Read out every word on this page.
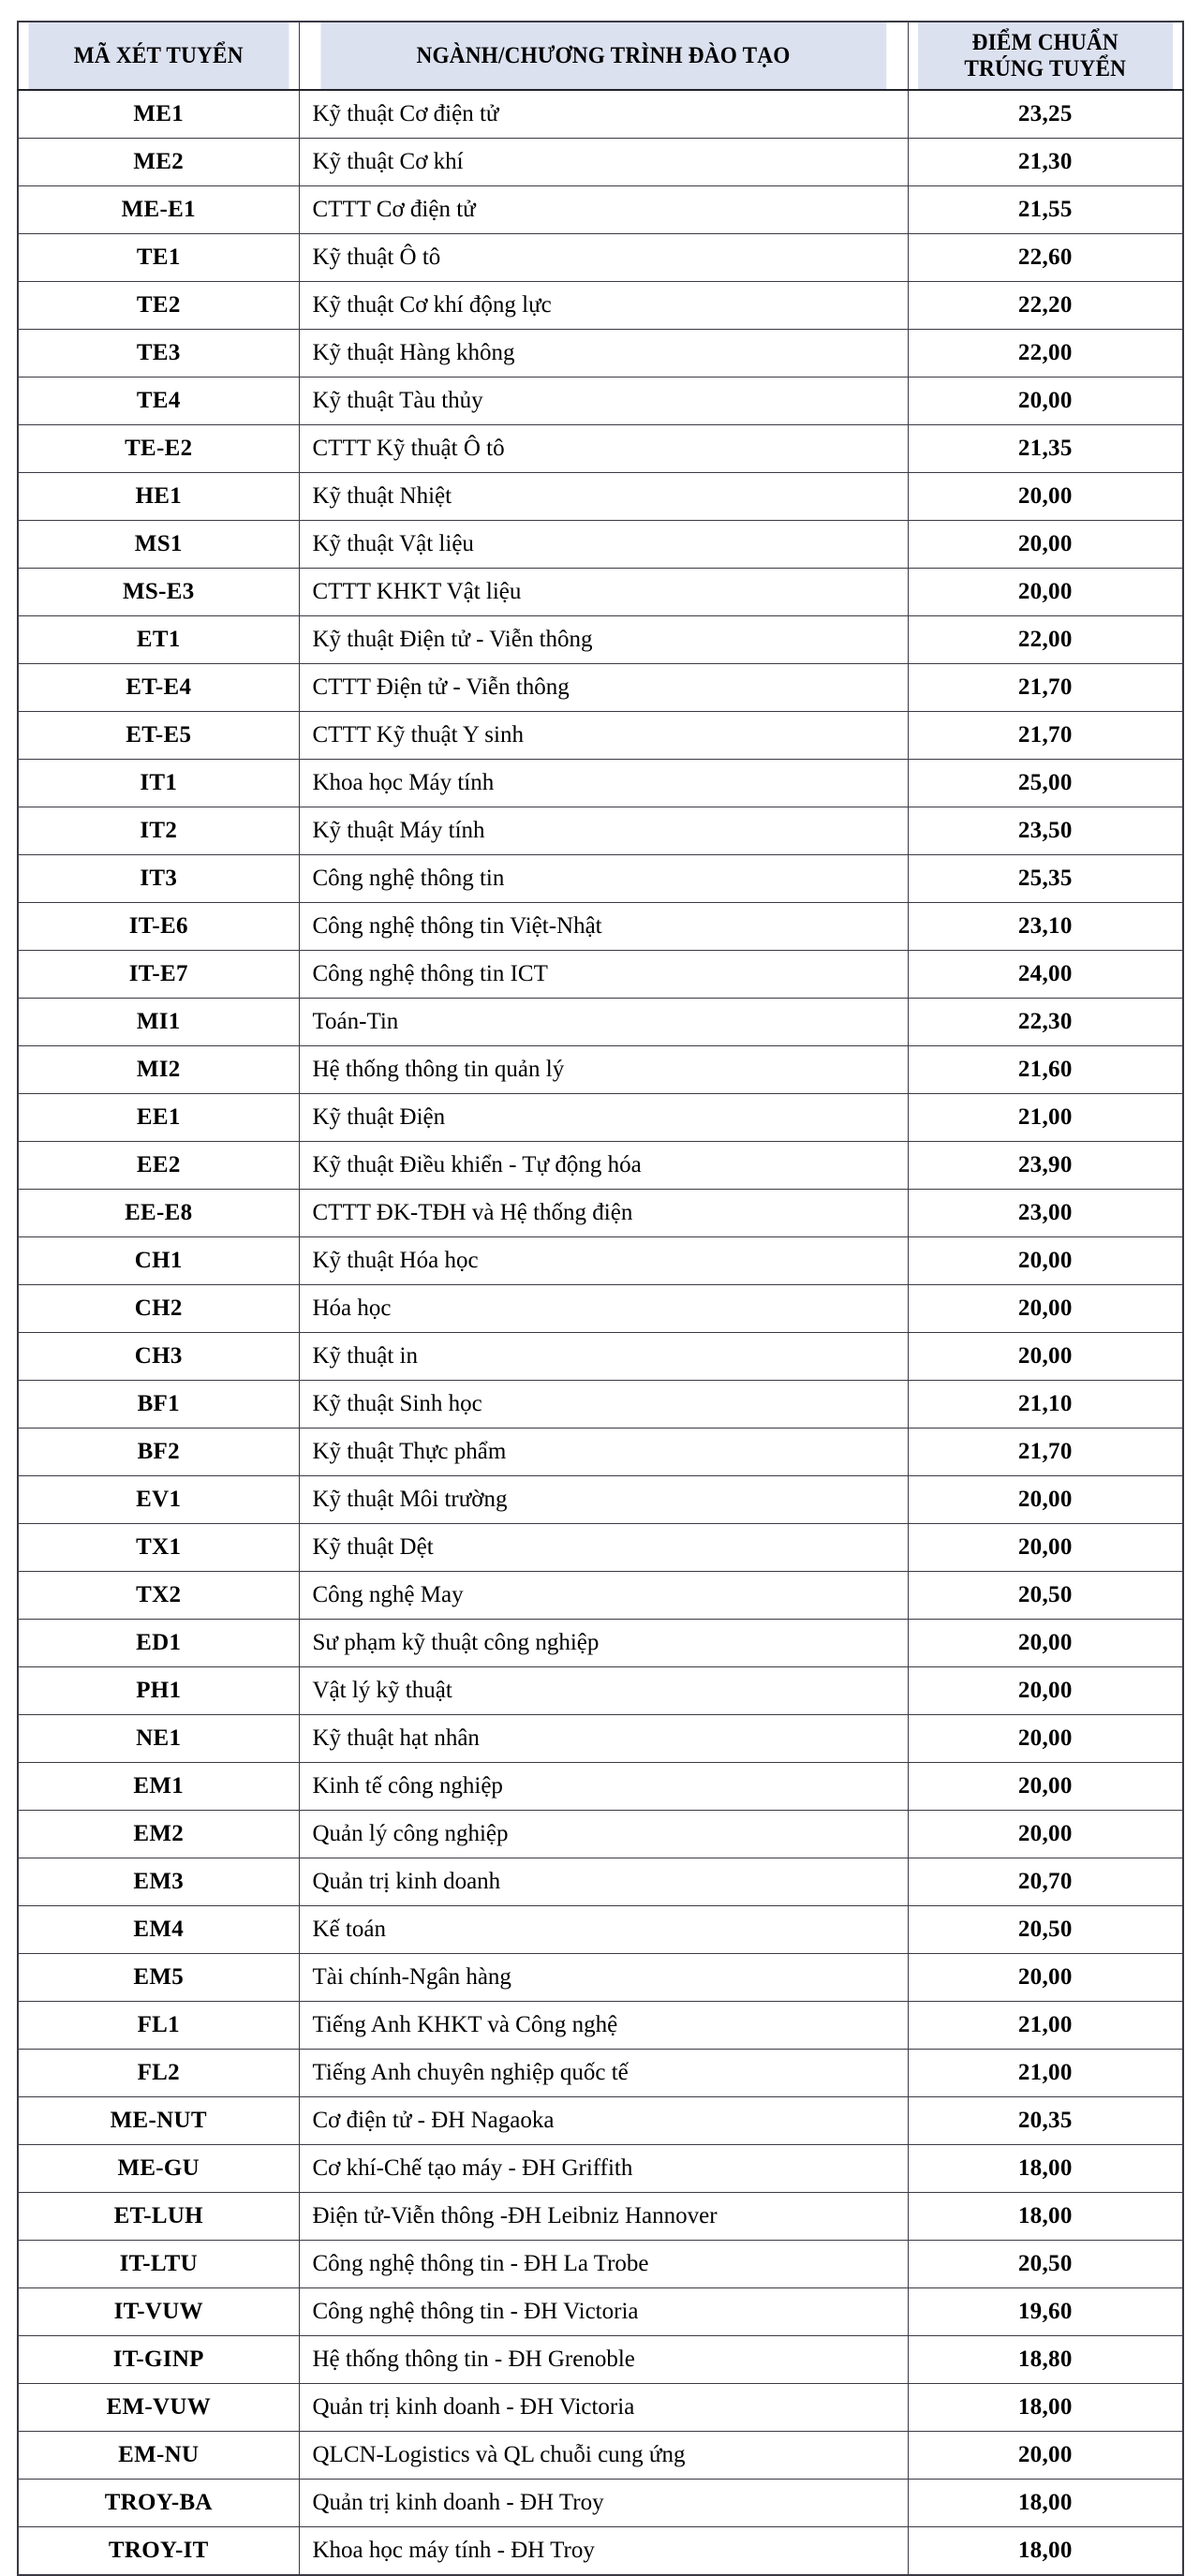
MÃ XÉT TUYỂN	NGÀNH/CHƯƠNG TRÌNH ĐÀO TẠO	ĐIỂM CHUẨN
TRÚNG TUYỂN

ME1	Kỹ thuật Cơ điện tử	23,25
ME2	Kỹ thuật Cơ khí	21,30
ME-E1	CTTT Cơ điện tử	21,55
TE1	Kỹ thuật Ô tô	22,60
TE2	Kỹ thuật Cơ khí động lực	22,20
TE3	Kỹ thuật Hàng không	22,00
TE4	Kỹ thuật Tàu thủy	20,00
TE-E2	CTTT Kỹ thuật Ô tô	21,35
HE1	Kỹ thuật Nhiệt	20,00
MS1	Kỹ thuật Vật liệu	20,00
MS-E3	CTTT KHKT Vật liệu	20,00
ET1	Kỹ thuật Điện tử - Viễn thông	22,00
ET-E4	CTTT Điện tử - Viễn thông	21,70
ET-E5	CTTT Kỹ thuật Y sinh	21,70
IT1	Khoa học Máy tính	25,00
IT2	Kỹ thuật Máy tính	23,50
IT3	Công nghệ thông tin	25,35
IT-E6	Công nghệ thông tin Việt-Nhật	23,10
IT-E7	Công nghệ thông tin ICT	24,00
MI1	Toán-Tin	22,30
MI2	Hệ thống thông tin quản lý	21,60
EE1	Kỹ thuật Điện	21,00
EE2	Kỹ thuật Điều khiển - Tự động hóa	23,90
EE-E8	CTTT ĐK-TĐH và Hệ thống điện	23,00
CH1	Kỹ thuật Hóa học	20,00
CH2	Hóa học	20,00
CH3	Kỹ thuật in	20,00
BF1	Kỹ thuật Sinh học	21,10
BF2	Kỹ thuật Thực phẩm	21,70
EV1	Kỹ thuật Môi trường	20,00
TX1	Kỹ thuật Dệt	20,00
TX2	Công nghệ May	20,50
ED1	Sư phạm kỹ thuật công nghiệp	20,00
PH1	Vật lý kỹ thuật	20,00
NE1	Kỹ thuật hạt nhân	20,00
EM1	Kinh tế công nghiệp	20,00
EM2	Quản lý công nghiệp	20,00
EM3	Quản trị kinh doanh	20,70
EM4	Kế toán	20,50
EM5	Tài chính-Ngân hàng	20,00
FL1	Tiếng Anh KHKT và Công nghệ	21,00
FL2	Tiếng Anh chuyên nghiệp quốc tế	21,00
ME-NUT	Cơ điện tử - ĐH Nagaoka	20,35
ME-GU	Cơ khí-Chế tạo máy - ĐH Griffith	18,00
ET-LUH	Điện tử-Viễn thông -ĐH Leibniz Hannover	18,00
IT-LTU	Công nghệ thông tin - ĐH La Trobe	20,50
IT-VUW	Công nghệ thông tin - ĐH Victoria	19,60
IT-GINP	Hệ thống thông tin - ĐH Grenoble	18,80
EM-VUW	Quản trị kinh doanh - ĐH Victoria	18,00
EM-NU	QLCN-Logistics và QL chuỗi cung ứng	20,00
TROY-BA	Quản trị kinh doanh - ĐH Troy	18,00
TROY-IT	Khoa học máy tính - ĐH Troy	18,00
